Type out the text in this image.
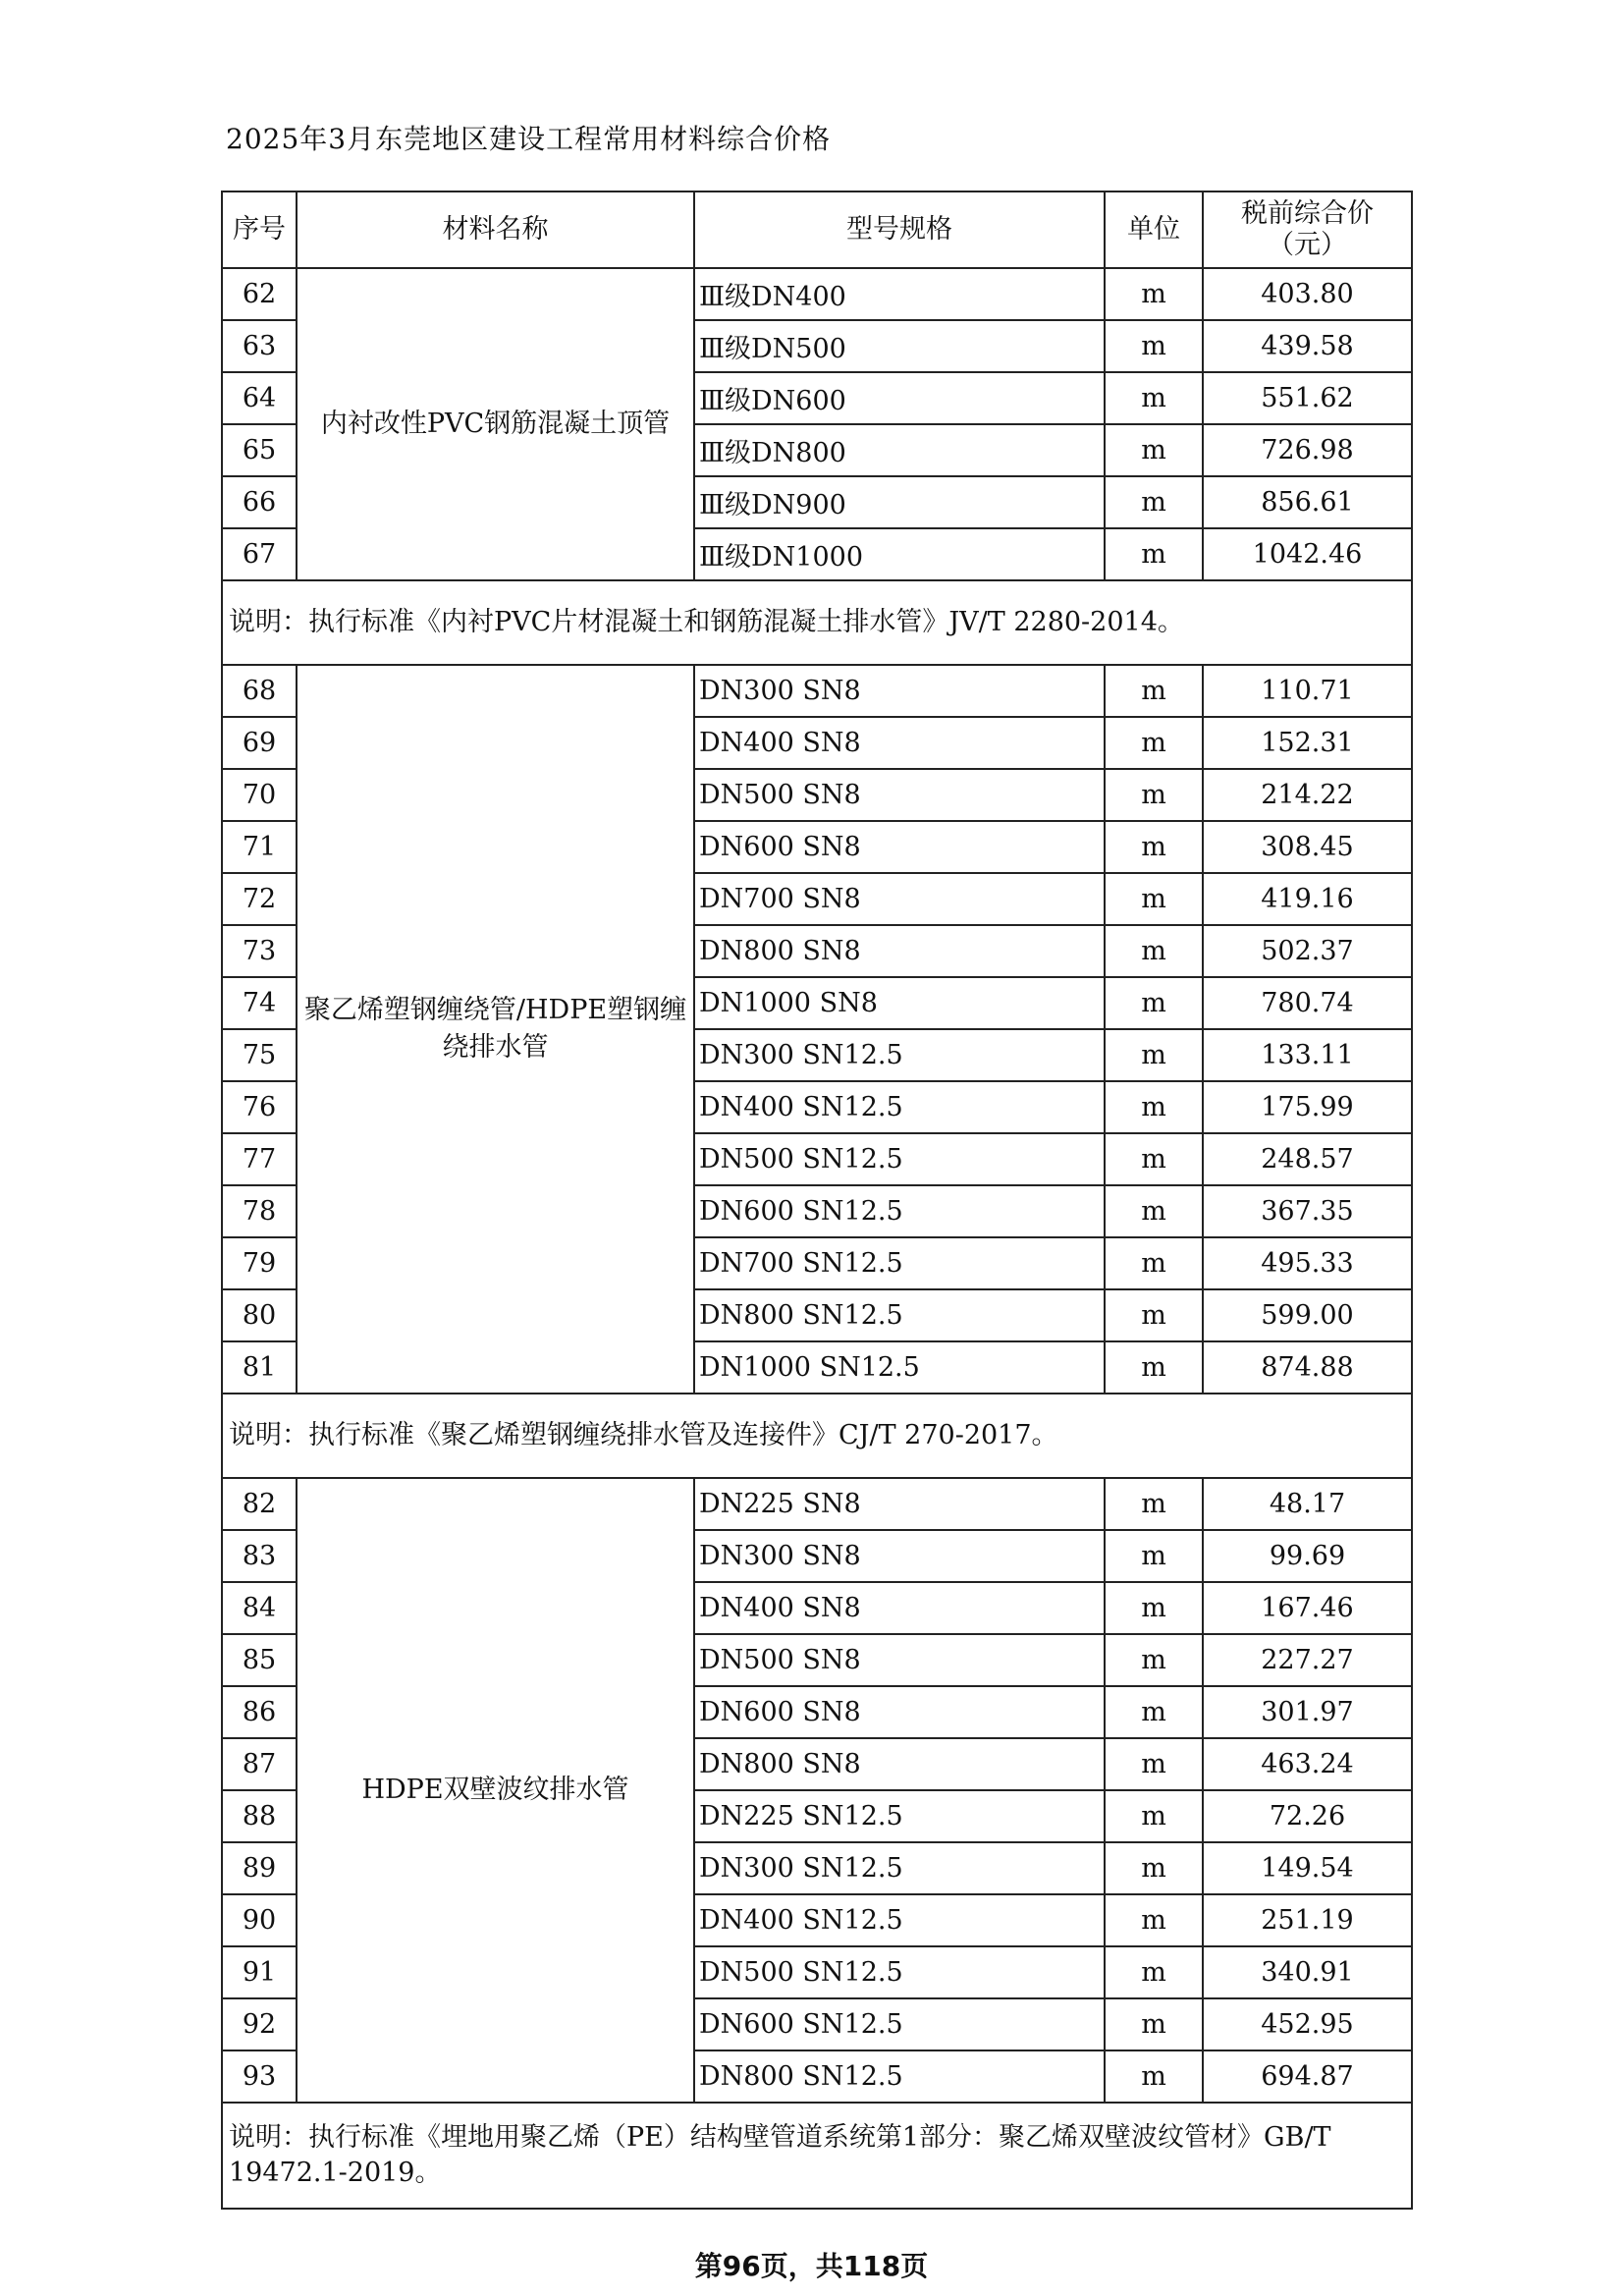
2025年3月东莞地区建设工程常用材料综合价格
序号	材料名称	型号规格	单位	税前综合价
（元）
62	内衬改性PVC钢筋混凝土顶管	Ⅲ级DN400	m	403.80
63		Ⅲ级DN500	m	439.58
64		Ⅲ级DN600	m	551.62
65		Ⅲ级DN800	m	726.98
66		Ⅲ级DN900	m	856.61
67		Ⅲ级DN1000	m	1042.46
说明：执行标准《内衬PVC片材混凝土和钢筋混凝土排水管》JV/T 2280-2014。				
68	聚乙烯塑钢缠绕管/HDPE塑钢缠绕排水管	DN300 SN8	m	110.71
69		DN400 SN8	m	152.31
70		DN500 SN8	m	214.22
71		DN600 SN8	m	308.45
72		DN700 SN8	m	419.16
73		DN800 SN8	m	502.37
74		DN1000 SN8	m	780.74
75		DN300 SN12.5	m	133.11
76		DN400 SN12.5	m	175.99
77		DN500 SN12.5	m	248.57
78		DN600 SN12.5	m	367.35
79		DN700 SN12.5	m	495.33
80		DN800 SN12.5	m	599.00
81		DN1000 SN12.5	m	874.88
说明：执行标准《聚乙烯塑钢缠绕排水管及连接件》CJ/T 270-2017。				
82	HDPE双壁波纹排水管	DN225 SN8	m	48.17
83		DN300 SN8	m	99.69
84		DN400 SN8	m	167.46
85		DN500 SN8	m	227.27
86		DN600 SN8	m	301.97
87		DN800 SN8	m	463.24
88		DN225 SN12.5	m	72.26
89		DN300 SN12.5	m	149.54
90		DN400 SN12.5	m	251.19
91		DN500 SN12.5	m	340.91
92		DN600 SN12.5	m	452.95
93		DN800 SN12.5	m	694.87
说明：执行标准《埋地用聚乙烯（PE）结构壁管道系统第1部分：聚乙烯双壁波纹管材》GB/T 19472.1-2019。				
第96页，共118页
